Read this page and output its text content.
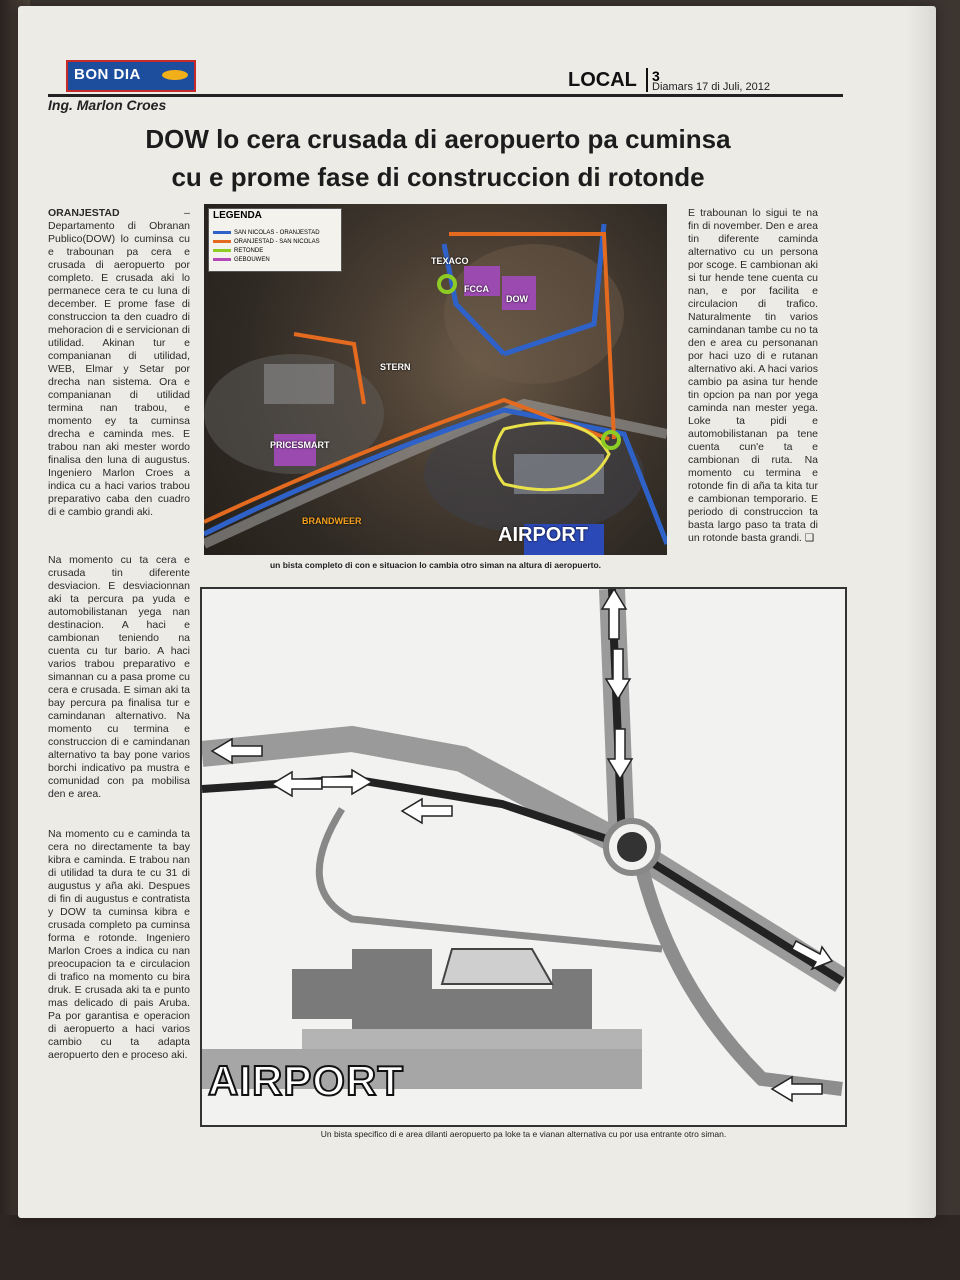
BON DIA	LOCAL 3
Diamars 17 di Juli, 2012
Ing. Marlon Croes
DOW lo cera crusada di aeropuerto pa cuminsa
cu e prome fase di construccion di rotonde
ORANJESTAD	– Departamento di Obranan Publico(DOW) lo cuminsa cu e trabounan pa cera e crusada di aeropuerto por completo. E crusada aki lo permanece cera te cu luna di december. E prome fase di construccion ta den cuadro di mehoracion di e servicionan di utilidad. Akinan tur e companianan di utilidad, WEB, Elmar y Setar por drecha nan sistema. Ora e companianan di utilidad termina nan trabou, e momento ey ta cuminsa drecha e caminda mes. E trabou nan aki mester wordo finalisa den luna di augustus. Ingeniero Marlon Croes a indica cu a haci varios trabou preparativo caba den cuadro di e cambio grandi aki.
Na momento cu ta cera e crusada tin diferente desviacion. E desviacionnan aki ta percura pa yuda e automobilistanan yega nan destinacion. A haci e cambionan teniendo na cuenta cu tur bario. A haci varios trabou preparativo e simannan cu a pasa prome cu cera e crusada. E siman aki ta bay percura pa finalisa tur e camindanan alternativo. Na momento cu termina e construccion di e camindanan alternativo ta bay pone varios borchi indicativo pa mustra e comunidad con pa mobilisa den e area.
Na momento cu e caminda ta cera no directamente ta bay kibra e caminda. E trabou nan di utilidad ta dura te cu 31 di augustus y aña aki. Despues di fin di augustus e contratista y DOW ta cuminsa kibra e crusada completo pa cuminsa forma e rotonde. Ingeniero Marlon Croes a indica cu nan preocupacion ta e circulacion di trafico na momento cu bira druk. E crusada aki ta e punto mas delicado di pais Aruba. Pa por garantisa e operacion di aeropuerto a haci varios cambio cu ta adapta aeropuerto den e proceso aki.
E trabounan lo sigui te na fin di november. Den e area tin diferente caminda alternativo cu un persona por scoge. E cambionan aki si tur hende tene cuenta cu nan, e por facilita e circulacion di trafico. Naturalmente tin varios camindanan tambe cu no ta den e area cu personanan por haci uzo di e rutanan alternativo aki. A haci varios cambio pa asina tur hende tin opcion pa nan por yega caminda nan mester yega. Loke ta pidi e automobilistanan pa tene cuenta cun'e ta e cambionan di ruta. Na momento cu termina e rotonde fin di aña ta kita tur e cambionan temporario. E periodo di construccion ta basta largo paso ta trata di un rotonde basta grandi. ❑
LEGENDA
SAN NICOLAS - ORANJESTAD
ORANJESTAD - SAN NICOLAS
RETONDE
GEBOUWEN	TEXACO
FCCA
DOW
STERN
PRICESMART
BRANDWEER
AIRPORT
un bista completo di con e situacion lo cambia otro siman na altura di aeropuerto.
AIRPORT
Un bista specifico di e area dilanti aeropuerto pa loke ta e vianan alternativa cu por usa entrante otro siman.
